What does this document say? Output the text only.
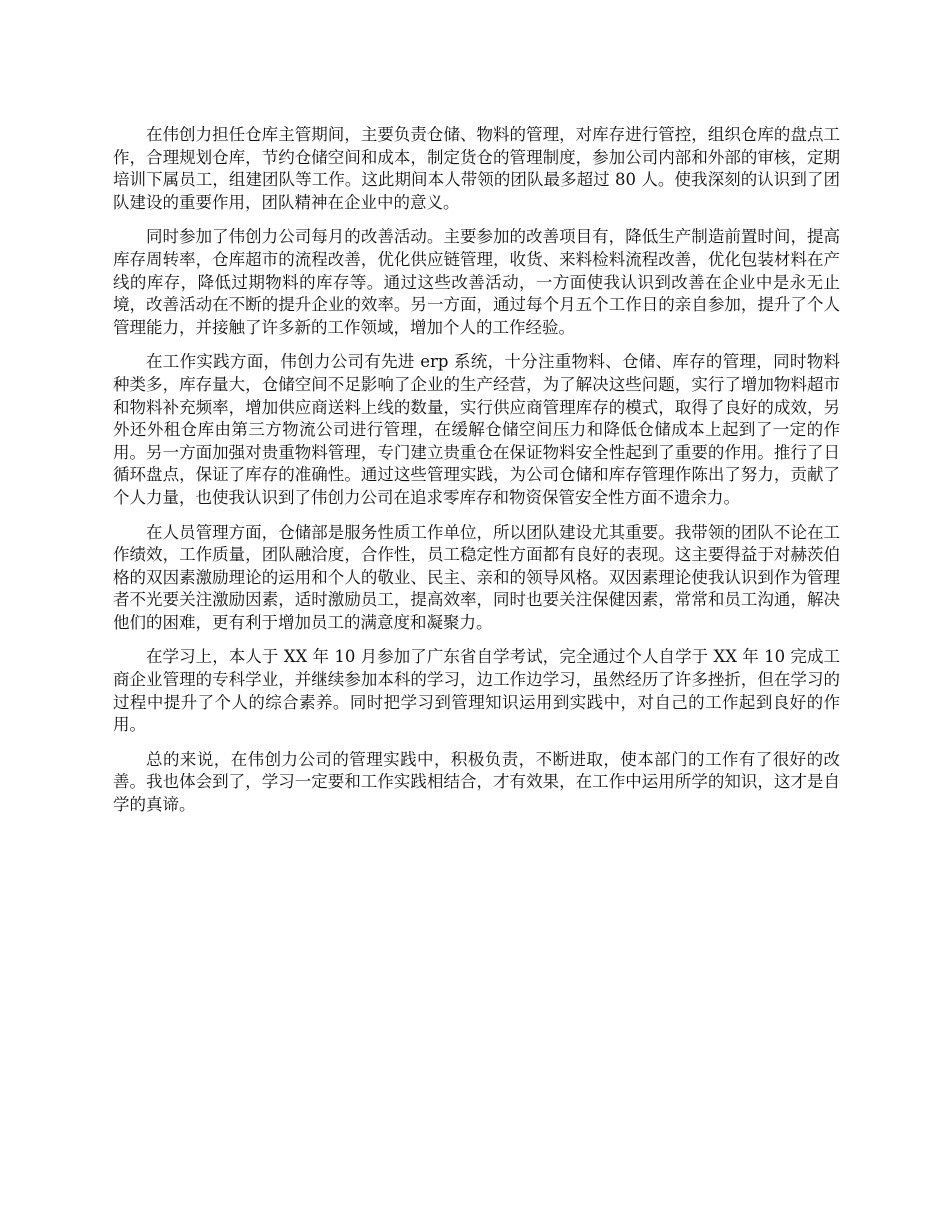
在伟创力担任仓库主管期间，主要负责仓储、物料的管理，对库存进行管控，组织仓库的盘点工作，合理规划仓库，节约仓储空间和成本，制定货仓的管理制度，参加公司内部和外部的审核，定期培训下属员工，组建团队等工作。这此期间本人带领的团队最多超过 80 人。使我深刻的认识到了团队建设的重要作用，团队精神在企业中的意义。

同时参加了伟创力公司每月的改善活动。主要参加的改善项目有，降低生产制造前置时间，提高库存周转率，仓库超市的流程改善，优化供应链管理，收货、来料检料流程改善，优化包装材料在产线的库存，降低过期物料的库存等。通过这些改善活动，一方面使我认识到改善在企业中是永无止境，改善活动在不断的提升企业的效率。另一方面，通过每个月五个工作日的亲自参加，提升了个人管理能力，并接触了许多新的工作领域，增加个人的工作经验。

在工作实践方面，伟创力公司有先进 erp 系统，十分注重物料、仓储、库存的管理，同时物料种类多，库存量大，仓储空间不足影响了企业的生产经营，为了解决这些问题，实行了增加物料超市和物料补充频率，增加供应商送料上线的数量，实行供应商管理库存的模式，取得了良好的成效，另外还外租仓库由第三方物流公司进行管理，在缓解仓储空间压力和降低仓储成本上起到了一定的作用。另一方面加强对贵重物料管理，专门建立贵重仓在保证物料安全性起到了重要的作用。推行了日循环盘点，保证了库存的准确性。通过这些管理实践，为公司仓储和库存管理作陈出了努力，贡献了个人力量，也使我认识到了伟创力公司在追求零库存和物资保管安全性方面不遗余力。

在人员管理方面，仓储部是服务性质工作单位，所以团队建设尤其重要。我带领的团队不论在工作绩效，工作质量，团队融洽度，合作性，员工稳定性方面都有良好的表现。这主要得益于对赫茨伯格的双因素激励理论的运用和个人的敬业、民主、亲和的领导风格。双因素理论使我认识到作为管理者不光要关注激励因素，适时激励员工，提高效率，同时也要关注保健因素，常常和员工沟通，解决他们的困难，更有利于增加员工的满意度和凝聚力。

在学习上，本人于 XX 年 10 月参加了广东省自学考试，完全通过个人自学于 XX 年 10 完成工商企业管理的专科学业，并继续参加本科的学习，边工作边学习，虽然经历了许多挫折，但在学习的过程中提升了个人的综合素养。同时把学习到管理知识运用到实践中，对自己的工作起到良好的作用。

总的来说，在伟创力公司的管理实践中，积极负责，不断进取，使本部门的工作有了很好的改善。我也体会到了，学习一定要和工作实践相结合，才有效果，在工作中运用所学的知识，这才是自学的真谛。
